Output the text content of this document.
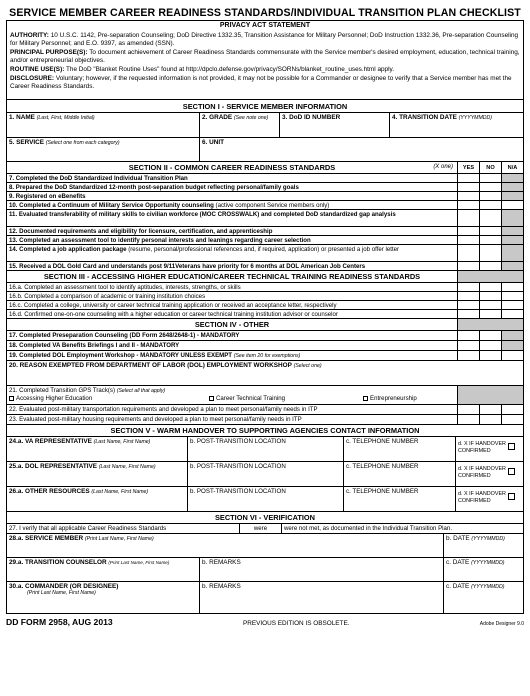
SERVICE MEMBER CAREER READINESS STANDARDS/INDIVIDUAL TRANSITION PLAN CHECKLIST
PRIVACY ACT STATEMENT
AUTHORITY: 10 U.S.C. 1142, Pre-separation Counseling; DoD Directive 1332.35, Transition Assistance for Military Personnel; DoD Instruction 1332.36, Pre-separation Counseling for Military Personnel; and E.O. 9397, as amended (SSN).
PRINCIPAL PURPOSE(S): To document achievement of Career Readiness Standards commensurate with the Service member's desired employment, education, technical training, and/or entrepreneurial objectives.
ROUTINE USE(S): The DoD "Blanket Routine Uses" found at http://dpclo.defense.gov/privacy/SORNs/blanket_routine_uses.html apply.
DISCLOSURE: Voluntary; however, if the requested information is not provided, it may not be possible for a Commander or designee to verify that a Service member has met the Career Readiness Standards.
SECTION I - SERVICE MEMBER INFORMATION
1. NAME (Last, First, Middle Initial)	2. GRADE (See note one)	3. DoD ID NUMBER	4. TRANSITION DATE (YYYYMMDD)
5. SERVICE (Select one from each category)	6. UNIT
SECTION II - COMMON CAREER READINESS STANDARDS	(X one)	YES	NO	N/A
7. Completed the DoD Standardized Individual Transition Plan
8. Prepared the DoD Standardized 12-month post-separation budget reflecting personal/family goals
9. Registered on eBenefits
10. Completed a Continuum of Military Service Opportunity counseling (active component Service members only)
11. Evaluated transferability of military skills to civilian workforce (MOC CROSSWALK) and completed DoD standardized gap analysis
12. Documented requirements and eligibility for licensure, certification, and apprenticeship
13. Completed an assessment tool to identify personal interests and leanings regarding career selection
14. Completed a job application package (resume, personal/professional references and, if required, application) or presented a job offer letter
15. Received a DOL Gold Card and understands post 9/11Veterans have priority for 6 months at DOL American Job Centers
SECTION III - ACCESSING HIGHER EDUCATION/CAREER TECHNICAL TRAINING READINESS STANDARDS
16.a. Completed an assessment tool to identify aptitudes, interests, strengths, or skills
16.b. Completed a comparison of academic or training institution choices
16.c. Completed a college, university or career technical training application or received an acceptance letter, respectively
16.d. Confirmed one-on-one counseling with a higher education or career technical training institution advisor or counselor
SECTION IV - OTHER
17. Completed Preseparation Counseling (DD Form 2648/2648-1) - MANDATORY
18. Completed VA Benefits Briefings I and II - MANDATORY
19. Completed DOL Employment Workshop - MANDATORY UNLESS EXEMPT (See item 20 for exemptions)
20. REASON EXEMPTED FROM DEPARTMENT OF LABOR (DOL) EMPLOYMENT WORKSHOP (Select one)
21. Completed Transition GPS Track(s) (Select all that apply)
Accessing Higher Education	Career Technical Training	Entrepreneurship
22. Evaluated post-military transportation requirements and developed a plan to meet personal/family needs in ITP
23. Evaluated post-military housing requirements and developed a plan to meet personal/family needs in ITP
SECTION V - WARM HANDOVER TO SUPPORTING AGENCIES CONTACT INFORMATION
24.a. VA REPRESENTATIVE (Last Name, First Name)	b. POST-TRANSITION LOCATION	c. TELEPHONE NUMBER	d. X IF HANDOVER CONFIRMED
25.a. DOL REPRESENTATIVE (Last Name, First Name)	b. POST-TRANSITION LOCATION	c. TELEPHONE NUMBER	d. X IF HANDOVER CONFIRMED
26.a. OTHER RESOURCES (Last Name, First Name)	b. POST-TRANSITION LOCATION	c. TELEPHONE NUMBER	d. X IF HANDOVER CONFIRMED
SECTION VI - VERIFICATION
27. I verify that all applicable Career Readiness Standards	were	were not met, as documented in the Individual Transition Plan.
28.a. SERVICE MEMBER (Print Last Name, First Name)	b. DATE (YYYYMMDD)
29.a. TRANSITION COUNSELOR (Print Last Name, First Name)	b. REMARKS	c. DATE (YYYYMMDD)
30.a. COMMANDER (OR DESIGNEE)
(Print Last Name, First Name)
b. REMARKS	c. DATE (YYYYMMDD)
DD FORM 2958, AUG 2013	PREVIOUS EDITION IS OBSOLETE.	Adobe Designer 9.0
